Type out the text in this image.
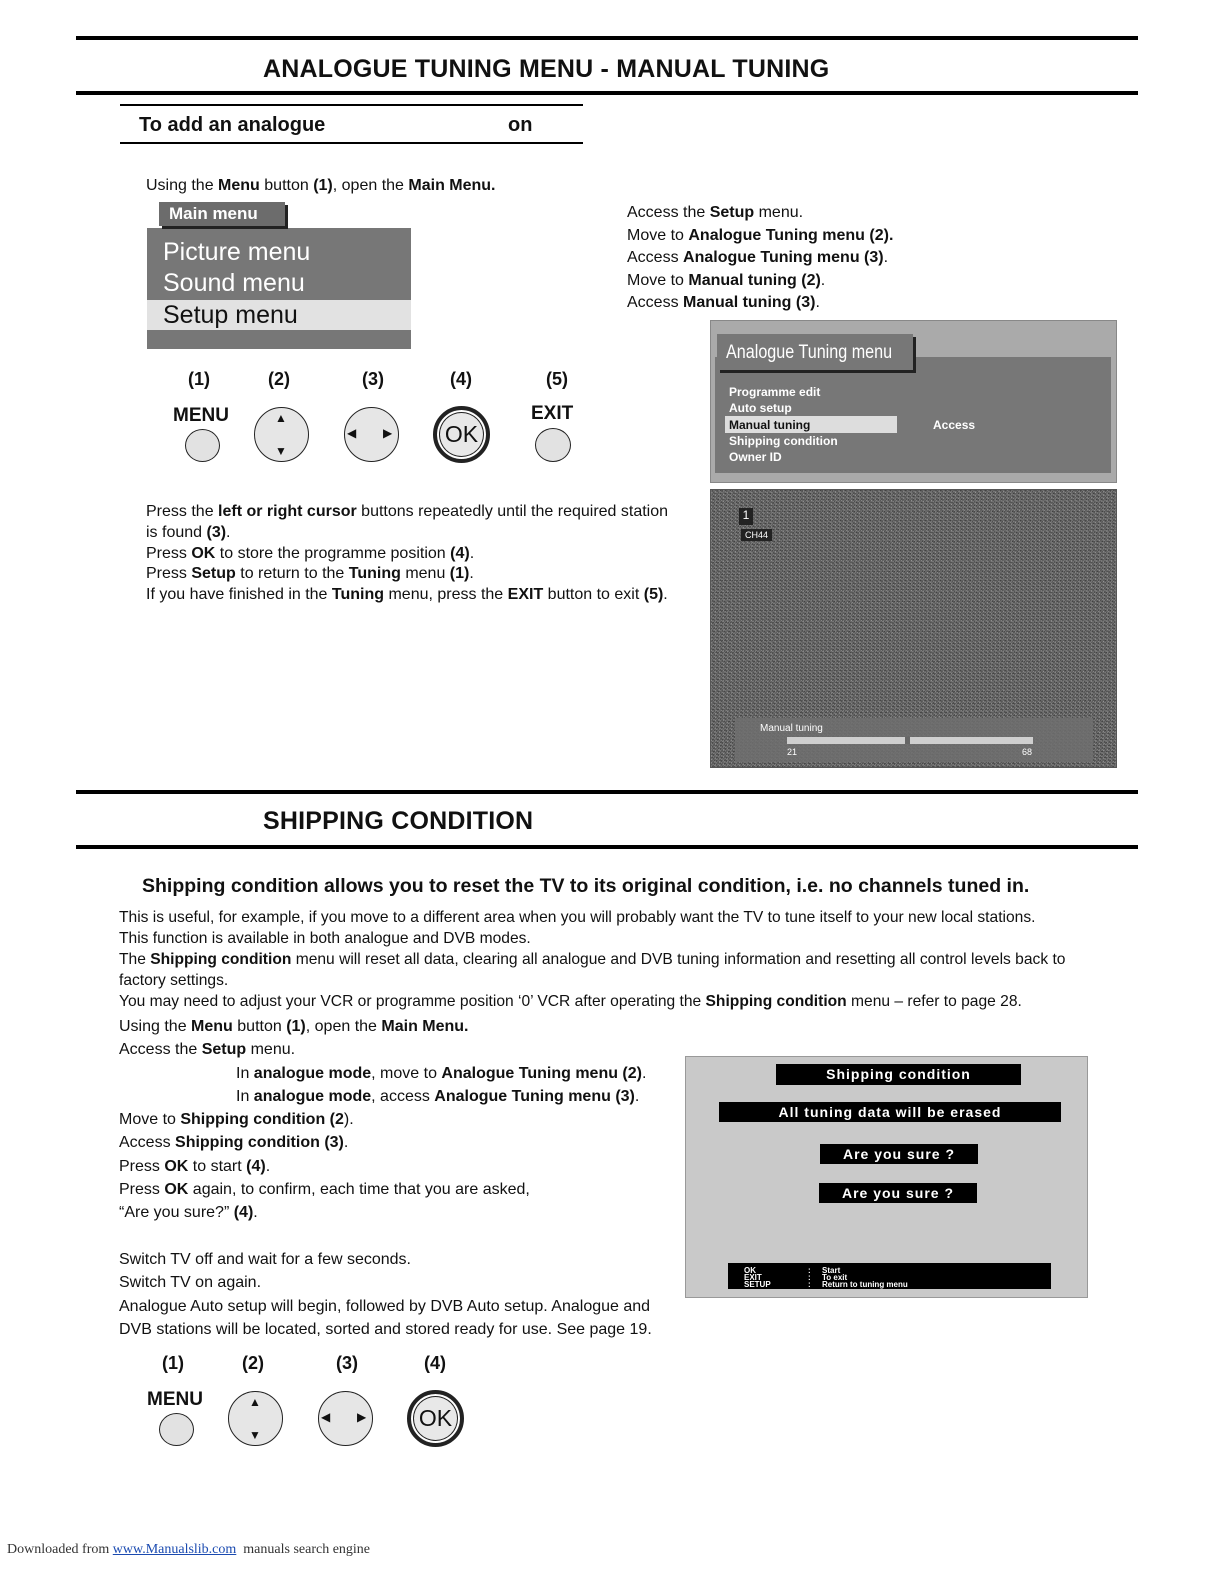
ANALOGUE TUNING MENU - MANUAL TUNING
To add an analogue	on

Using the Menu button (1), open the Main Menu.

Picture menu
Sound menu
Setup menu
Main menu
(1)	(2)	(3)	(4)	(5)
MENU	▲
▼
◀ ▶	OK
EXIT
Access the Setup menu.
Move to Analogue Tuning menu (2).
Access Analogue Tuning menu (3).
Move to Manual tuning (2).
Access Manual tuning (3).
Analogue Tuning menu
Programme edit
Auto setup
Manual tuning
Shipping condition
Owner ID
Access
Press the left or right cursor buttons repeatedly until the required station
is found (3).
Press OK to store the programme position (4).
Press Setup to return to the Tuning menu (1).
If you have finished in the Tuning menu, press the EXIT button to exit (5).
1
CH44
Manual tuning
21	68
SHIPPING CONDITION
Shipping condition allows you to reset the TV to its original condition, i.e. no channels tuned in.
This is useful, for example, if you move to a different area when you will probably want the TV to tune itself to your new local stations.
This function is available in both analogue and DVB modes.
The Shipping condition menu will reset all data, clearing all analogue and DVB tuning information and resetting all control levels back to
factory settings.
You may need to adjust your VCR or programme position ‘0’ VCR after operating the Shipping condition menu – refer to page 28.
Using the Menu button (1), open the Main Menu.
Access the Setup menu.
In analogue mode, move to Analogue Tuning menu (2).
In analogue mode, access Analogue Tuning menu (3).
Move to Shipping condition (2).
Access Shipping condition (3).
Press OK to start (4).
Press OK again, to confirm, each time that you are asked,
“Are you sure?” (4).

Switch TV off and wait for a few seconds.
Switch TV on again.
Analogue Auto setup will begin, followed by DVB Auto setup. Analogue and
DVB stations will be located, sorted and stored ready for use. See page 19.
Shipping condition
All tuning data will be erased
Are you sure ?
Are you sure ?
OK	: Start
EXIT	: To exit
SETUP	: Return to tuning menu
(1)	(2)	(3)	(4)
MENU	▲
▼
◀ ▶	OK
Downloaded from www.Manualslib.com  manuals search engine
